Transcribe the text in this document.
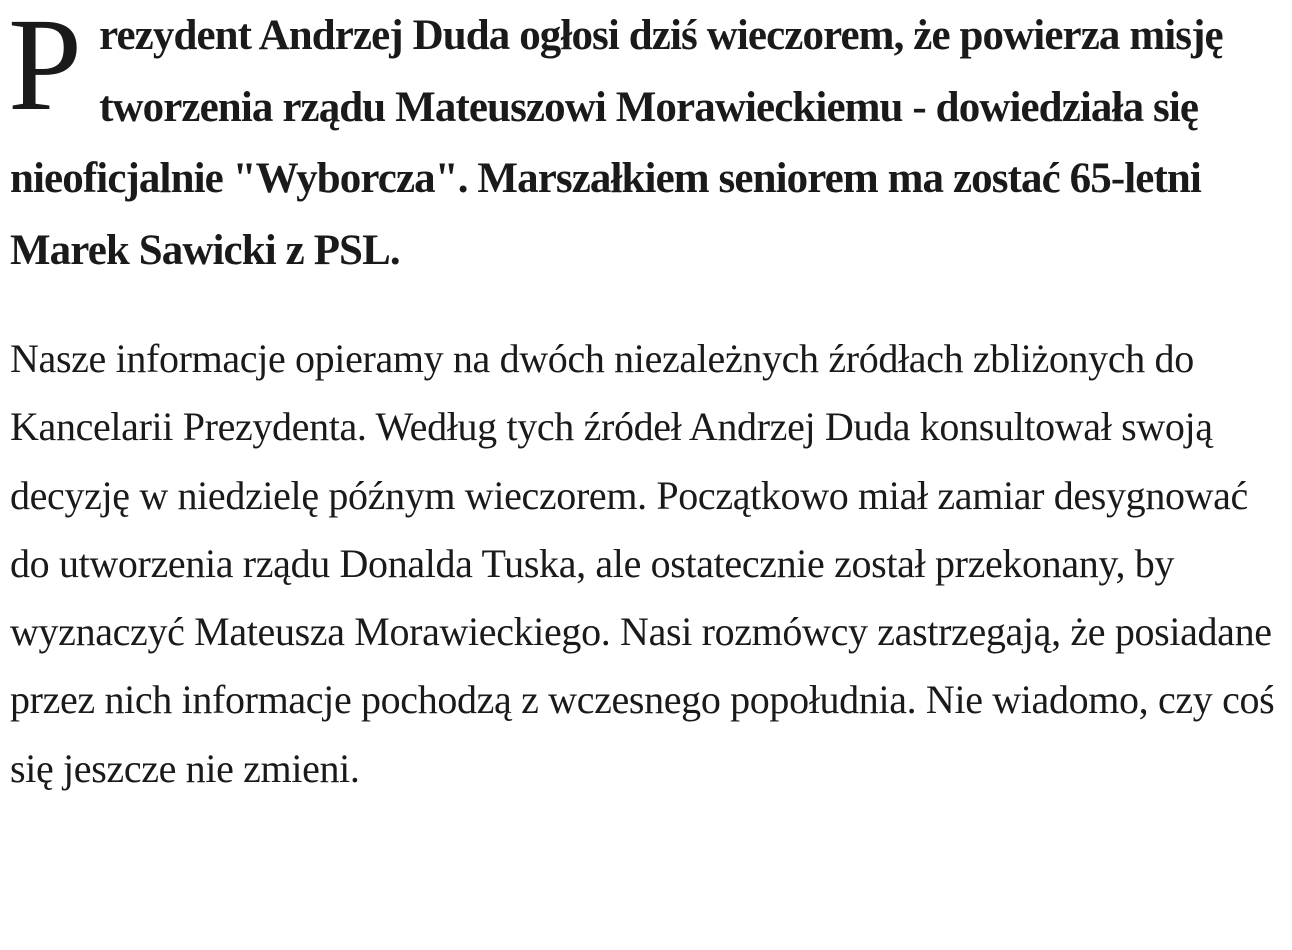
Prezydent Andrzej Duda ogłosi dziś wieczorem, że powierza misję tworzenia rządu Mateuszowi Morawieckiemu - dowiedziała się nieoficjalnie "Wyborcza". Marszałkiem seniorem ma zostać 65-letni Marek Sawicki z PSL.

Nasze informacje opieramy na dwóch niezależnych źródłach zbliżonych do Kancelarii Prezydenta. Według tych źródeł Andrzej Duda konsultował swoją decyzję w niedzielę późnym wieczorem. Początkowo miał zamiar desygnować do utworzenia rządu Donalda Tuska, ale ostatecznie został przekonany, by wyznaczyć Mateusza Morawieckiego. Nasi rozmówcy zastrzegają, że posiadane przez nich informacje pochodzą z wczesnego popołudnia. Nie wiadomo, czy coś się jeszcze nie zmieni.
